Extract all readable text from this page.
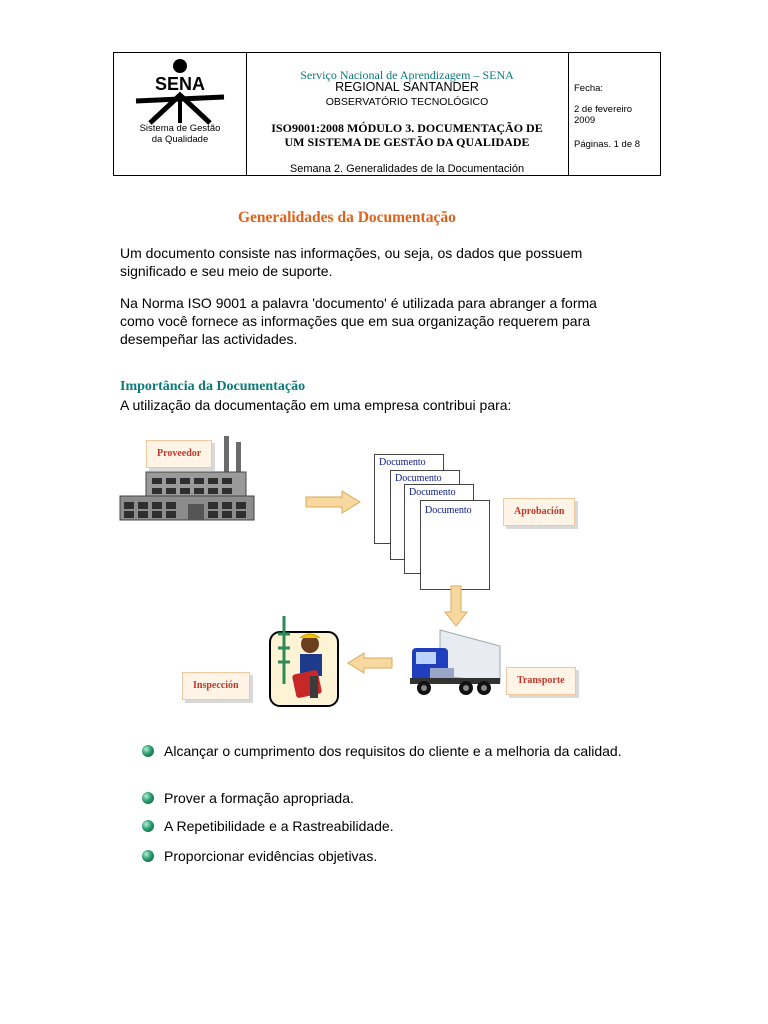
SENA
Sistema de Gestão
da Qualidade
Serviço Nacional de Aprendizagem – SENA
REGIONAL SANTANDER
OBSERVATÓRIO TECNOLÓGICO
ISO9001:2008 MÓDULO 3. DOCUMENTAÇÃO DE
UM SISTEMA DE GESTÃO DA QUALIDADE
Semana 2. Generalidades de la Documentación
Fecha:
2 de fevereiro
2009
Páginas. 1 de 8
Generalidades da Documentação
Um documento consiste nas informações, ou seja, os dados que possuem
significado e seu meio de suporte.
Na Norma ISO 9001 a palavra 'documento' é utilizada para abranger a forma
como você fornece as informações que em sua organização requerem para
desempeñar las actividades.
Importância da Documentação
A utilização da documentação em uma empresa contribui para:
Proveedor
Documento
Documento
Documento
Documento	Aprobación
Transporte
Inspección
Alcançar o cumprimento dos requisitos do cliente e a melhoria da calidad.
Prover a formação apropriada.
A Repetibilidade e a Rastreabilidade.
Proporcionar evidências objetivas.
